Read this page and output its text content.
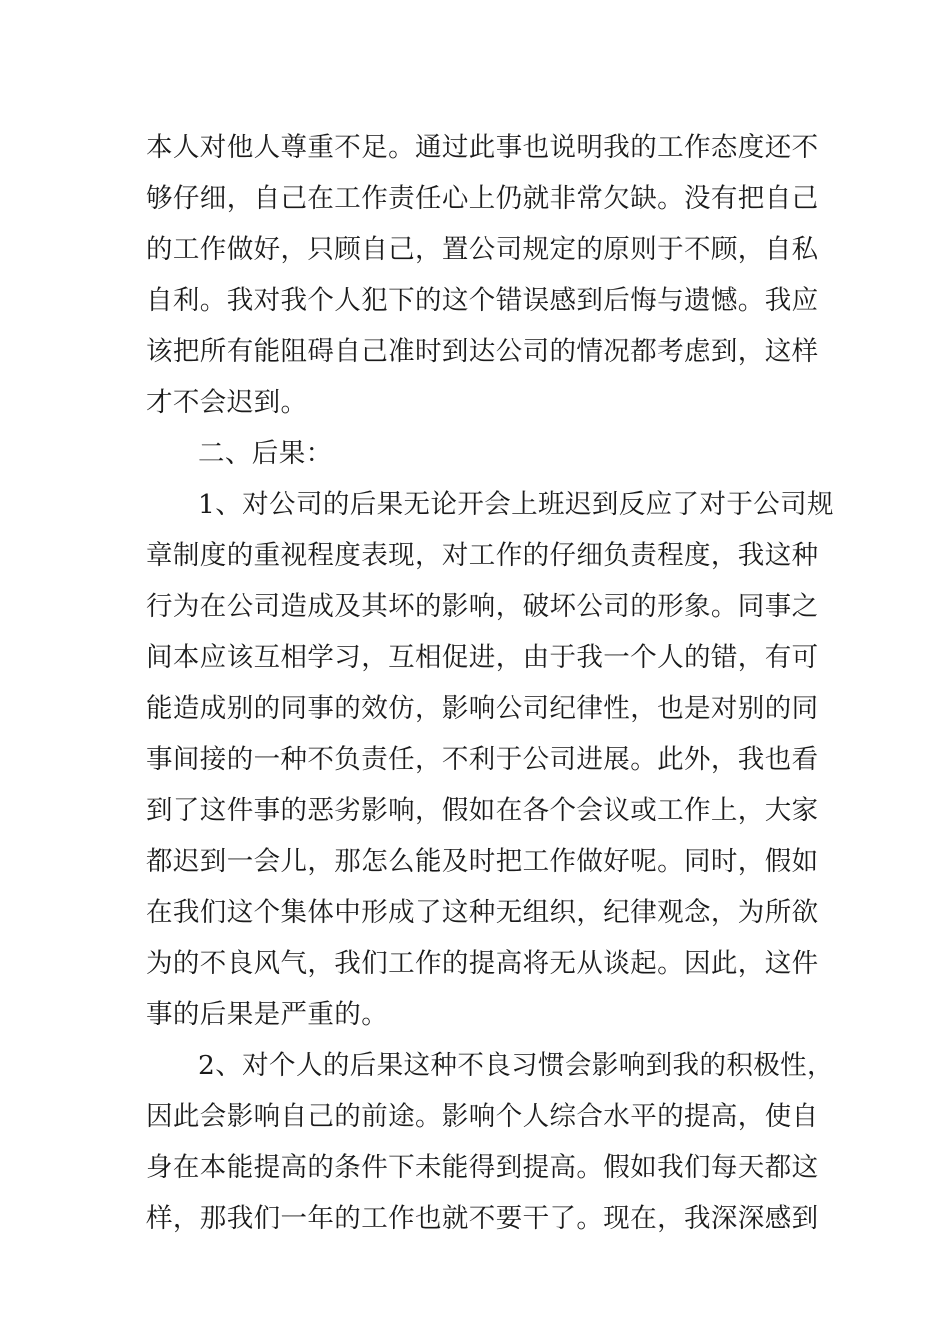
本人对他人尊重不足。通过此事也说明我的工作态度还不

够仔细，自己在工作责任心上仍就非常欠缺。没有把自己

的工作做好，只顾自己，置公司规定的原则于不顾，自私

自利。我对我个人犯下的这个错误感到后悔与遗憾。我应

该把所有能阻碍自己准时到达公司的情况都考虑到，这样

才不会迟到。

二、后果：

1、对公司的后果无论开会上班迟到反应了对于公司规

章制度的重视程度表现，对工作的仔细负责程度，我这种

行为在公司造成及其坏的影响，破坏公司的形象。同事之

间本应该互相学习，互相促进，由于我一个人的错，有可

能造成别的同事的效仿，影响公司纪律性，也是对别的同

事间接的一种不负责任，不利于公司进展。此外，我也看

到了这件事的恶劣影响，假如在各个会议或工作上，大家

都迟到一会儿，那怎么能及时把工作做好呢。同时，假如

在我们这个集体中形成了这种无组织，纪律观念，为所欲

为的不良风气，我们工作的提高将无从谈起。因此，这件

事的后果是严重的。

2、对个人的后果这种不良习惯会影响到我的积极性，

因此会影响自己的前途。影响个人综合水平的提高，使自

身在本能提高的条件下未能得到提高。假如我们每天都这

样，那我们一年的工作也就不要干了。现在，我深深感到
